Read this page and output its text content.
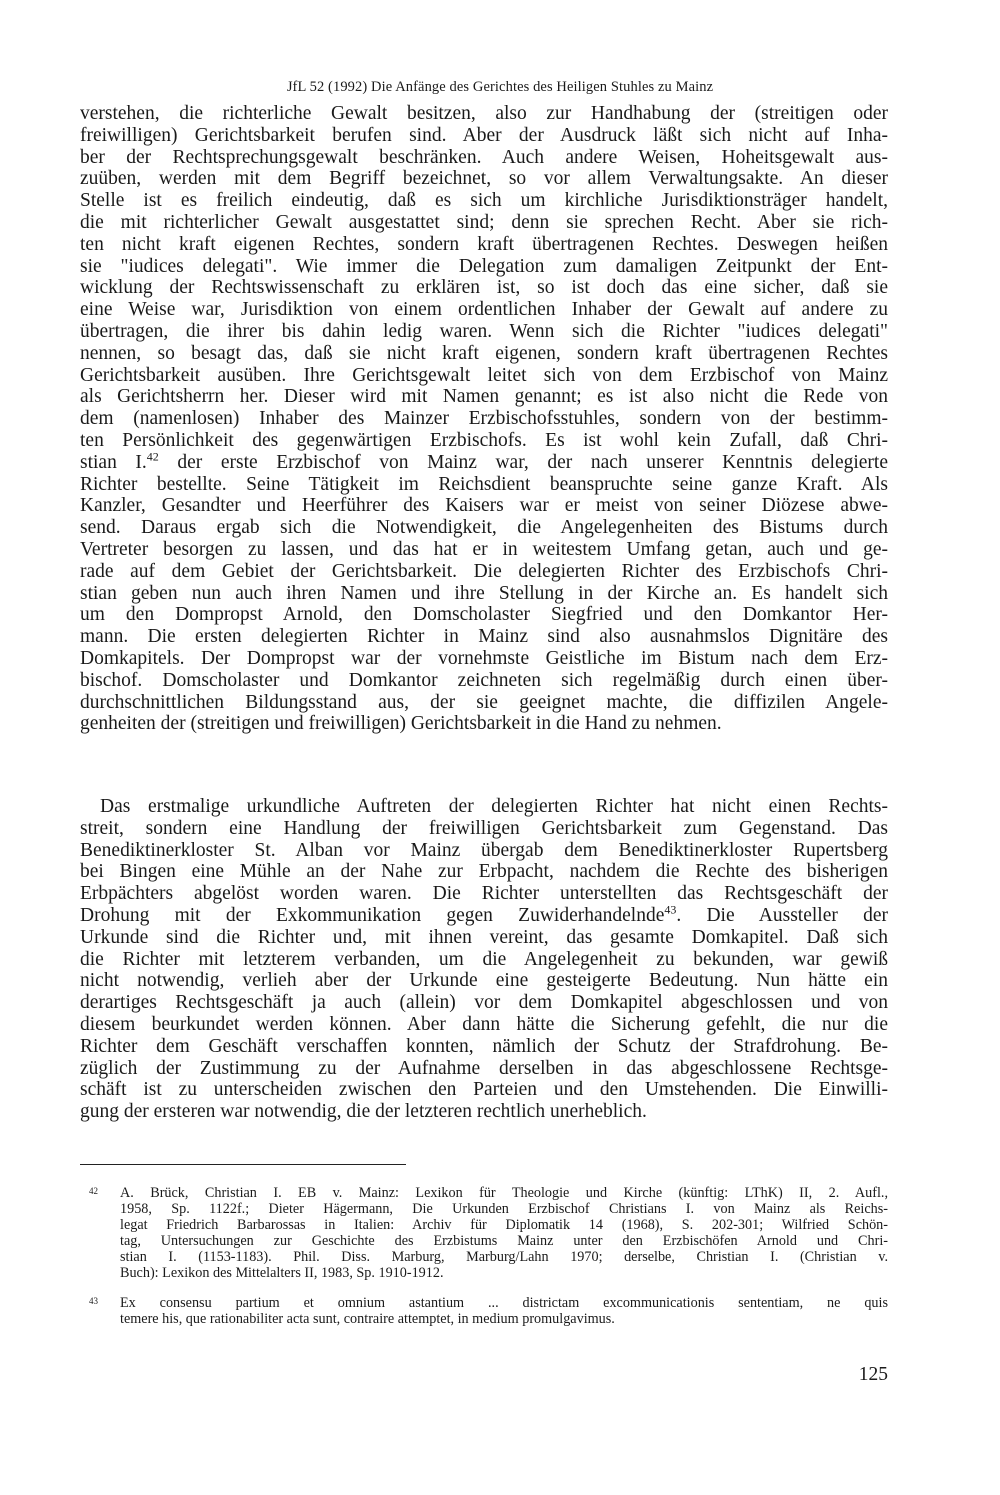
JfL 52 (1992) Die Anfänge des Gerichtes des Heiligen Stuhles zu Mainz
verstehen, die richterliche Gewalt besitzen, also zur Handhabung der (streitigen oder
freiwilligen) Gerichtsbarkeit berufen sind. Aber der Ausdruck läßt sich nicht auf Inha-
ber der Rechtsprechungsgewalt beschränken. Auch andere Weisen, Hoheitsgewalt aus-
zuüben, werden mit dem Begriff bezeichnet, so vor allem Verwaltungsakte. An dieser
Stelle ist es freilich eindeutig, daß es sich um kirchliche Jurisdiktionsträger handelt,
die mit richterlicher Gewalt ausgestattet sind; denn sie sprechen Recht. Aber sie rich-
ten nicht kraft eigenen Rechtes, sondern kraft übertragenen Rechtes. Deswegen heißen
sie "iudices delegati". Wie immer die Delegation zum damaligen Zeitpunkt der Ent-
wicklung der Rechtswissenschaft zu erklären ist, so ist doch das eine sicher, daß sie
eine Weise war, Jurisdiktion von einem ordentlichen Inhaber der Gewalt auf andere zu
übertragen, die ihrer bis dahin ledig waren. Wenn sich die Richter "iudices delegati"
nennen, so besagt das, daß sie nicht kraft eigenen, sondern kraft übertragenen Rechtes
Gerichtsbarkeit ausüben. Ihre Gerichtsgewalt leitet sich von dem Erzbischof von Mainz
als Gerichtsherrn her. Dieser wird mit Namen genannt; es ist also nicht die Rede von
dem (namenlosen) Inhaber des Mainzer Erzbischofsstuhles, sondern von der bestimm-
ten Persönlichkeit des gegenwärtigen Erzbischofs. Es ist wohl kein Zufall, daß Chri-
stian I.$^{42}$ der erste Erzbischof von Mainz war, der nach unserer Kenntnis delegierte
Richter bestellte. Seine Tätigkeit im Reichsdient beanspruchte seine ganze Kraft. Als
Kanzler, Gesandter und Heerführer des Kaisers war er meist von seiner Diözese abwe-
send. Daraus ergab sich die Notwendigkeit, die Angelegenheiten des Bistums durch
Vertreter besorgen zu lassen, und das hat er in weitestem Umfang getan, auch und ge-
rade auf dem Gebiet der Gerichtsbarkeit. Die delegierten Richter des Erzbischofs Chri-
stian geben nun auch ihren Namen und ihre Stellung in der Kirche an. Es handelt sich
um den Dompropst Arnold, den Domscholaster Siegfried und den Domkantor Her-
mann. Die ersten delegierten Richter in Mainz sind also ausnahmslos Dignitäre des
Domkapitels. Der Dompropst war der vornehmste Geistliche im Bistum nach dem Erz-
bischof. Domscholaster und Domkantor zeichneten sich regelmäßig durch einen über-
durchschnittlichen Bildungsstand aus, der sie geeignet machte, die diffizilen Angele-
genheiten der (streitigen und freiwilligen) Gerichtsbarkeit in die Hand zu nehmen.
Das erstmalige urkundliche Auftreten der delegierten Richter hat nicht einen Rechts-
streit, sondern eine Handlung der freiwilligen Gerichtsbarkeit zum Gegenstand. Das
Benediktinerkloster St. Alban vor Mainz übergab dem Benediktinerkloster Rupertsberg
bei Bingen eine Mühle an der Nahe zur Erbpacht, nachdem die Rechte des bisherigen
Erbpächters abgelöst worden waren. Die Richter unterstellten das Rechtsgeschäft der
Drohung mit der Exkommunikation gegen Zuwiderhandelnde$^{43}$. Die Aussteller der
Urkunde sind die Richter und, mit ihnen vereint, das gesamte Domkapitel. Daß sich
die Richter mit letzterem verbanden, um die Angelegenheit zu bekunden, war gewiß
nicht notwendig, verlieh aber der Urkunde eine gesteigerte Bedeutung. Nun hätte ein
derartiges Rechtsgeschäft ja auch (allein) vor dem Domkapitel abgeschlossen und von
diesem beurkundet werden können. Aber dann hätte die Sicherung gefehlt, die nur die
Richter dem Geschäft verschaffen konnten, nämlich der Schutz der Strafdrohung. Be-
züglich der Zustimmung zu der Aufnahme derselben in das abgeschlossene Rechtsge-
schäft ist zu unterscheiden zwischen den Parteien und den Umstehenden. Die Einwilli-
gung der ersteren war notwendig, die der letzteren rechtlich unerheblich.
42 A. Brück, Christian I. EB v. Mainz: Lexikon für Theologie und Kirche (künftig: LThK) II, 2. Aufl.,
1958, Sp. 1122f.; Dieter Hägermann, Die Urkunden Erzbischof Christians I. von Mainz als Reichs-
legat Friedrich Barbarossas in Italien: Archiv für Diplomatik 14 (1968), S. 202-301; Wilfried Schön-
tag, Untersuchungen zur Geschichte des Erzbistums Mainz unter den Erzbischöfen Arnold und Chri-
stian I. (1153-1183). Phil. Diss. Marburg, Marburg/Lahn 1970; derselbe, Christian I. (Christian v.
Buch): Lexikon des Mittelalters II, 1983, Sp. 1910-1912.
43 Ex consensu partium et omnium astantium ... districtam excommunicationis sententiam, ne quis
temere his, que rationabiliter acta sunt, contraire attemptet, in medium promulgavimus.
125
